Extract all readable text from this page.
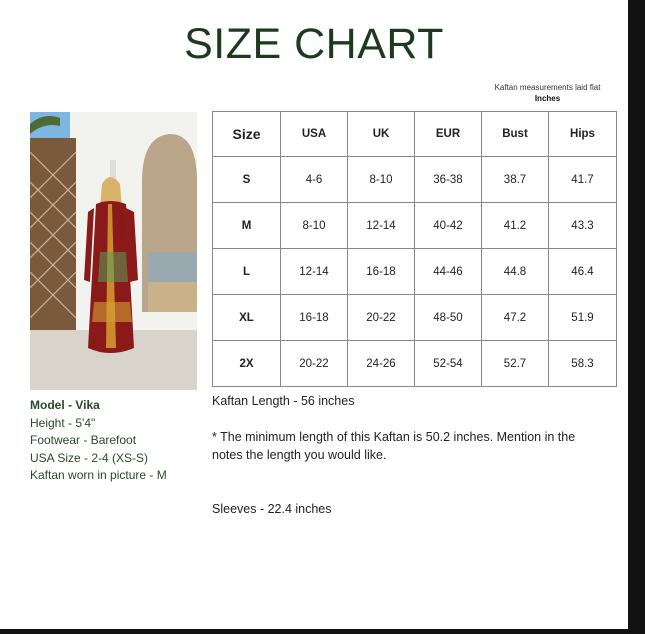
SIZE CHART
Kaftan measurements laid flat
Inches
Size	USA	UK	EUR	Bust	Hips
S	4-6	8-10	36-38	38.7	41.7
M	8-10	12-14	40-42	41.2	43.3
L	12-14	16-18	44-46	44.8	46.4
XL	16-18	20-22	48-50	47.2	51.9
2X	20-22	24-26	52-54	52.7	58.3
Model - Vika
Height - 5'4"
Footwear - Barefoot
USA Size - 2-4 (XS-S)
Kaftan worn in picture - M
Kaftan Length - 56 inches
* The minimum length of this Kaftan is 50.2 inches. Mention in the
notes the length you would like.
Sleeves - 22.4 inches
